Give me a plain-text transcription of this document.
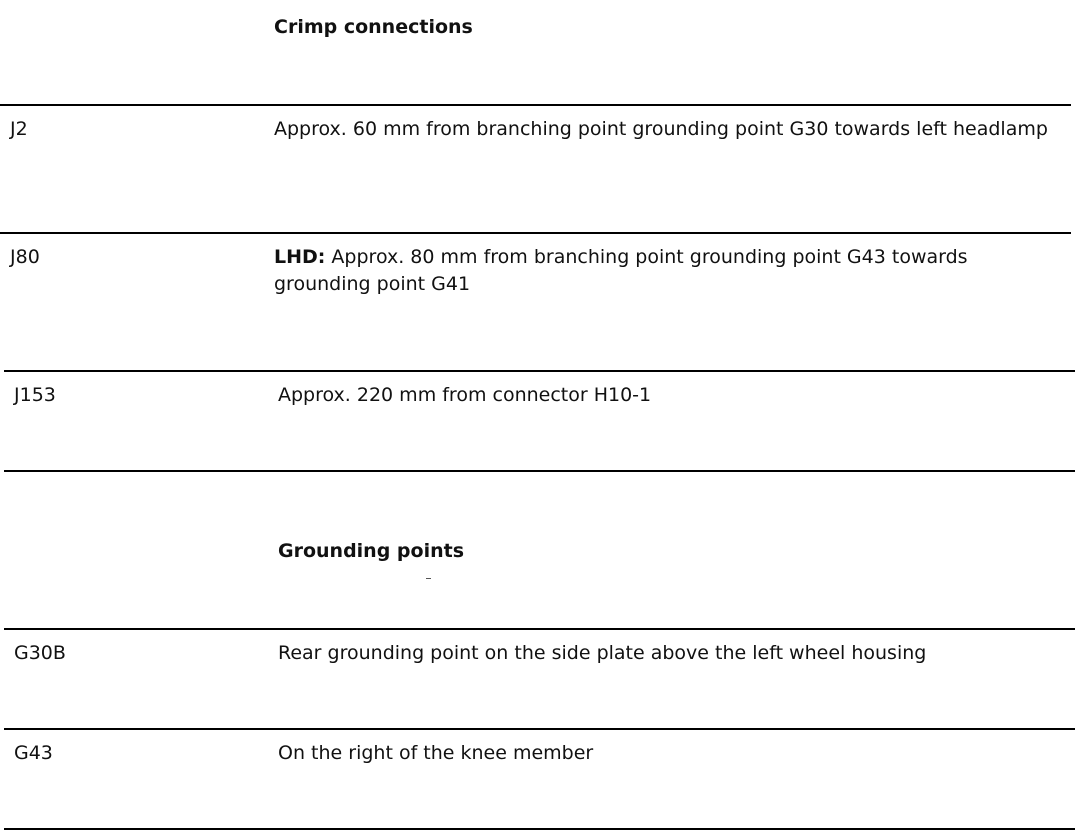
Crimp connections
J2	Approx. 60 mm from branching point grounding point G30 towards left headlamp
J80	LHD: Approx. 80 mm from branching point grounding point G43 towards grounding point G41
J153	Approx. 220 mm from connector H10-1
Grounding points
G30B	Rear grounding point on the side plate above the left wheel housing
G43	On the right of the knee member
